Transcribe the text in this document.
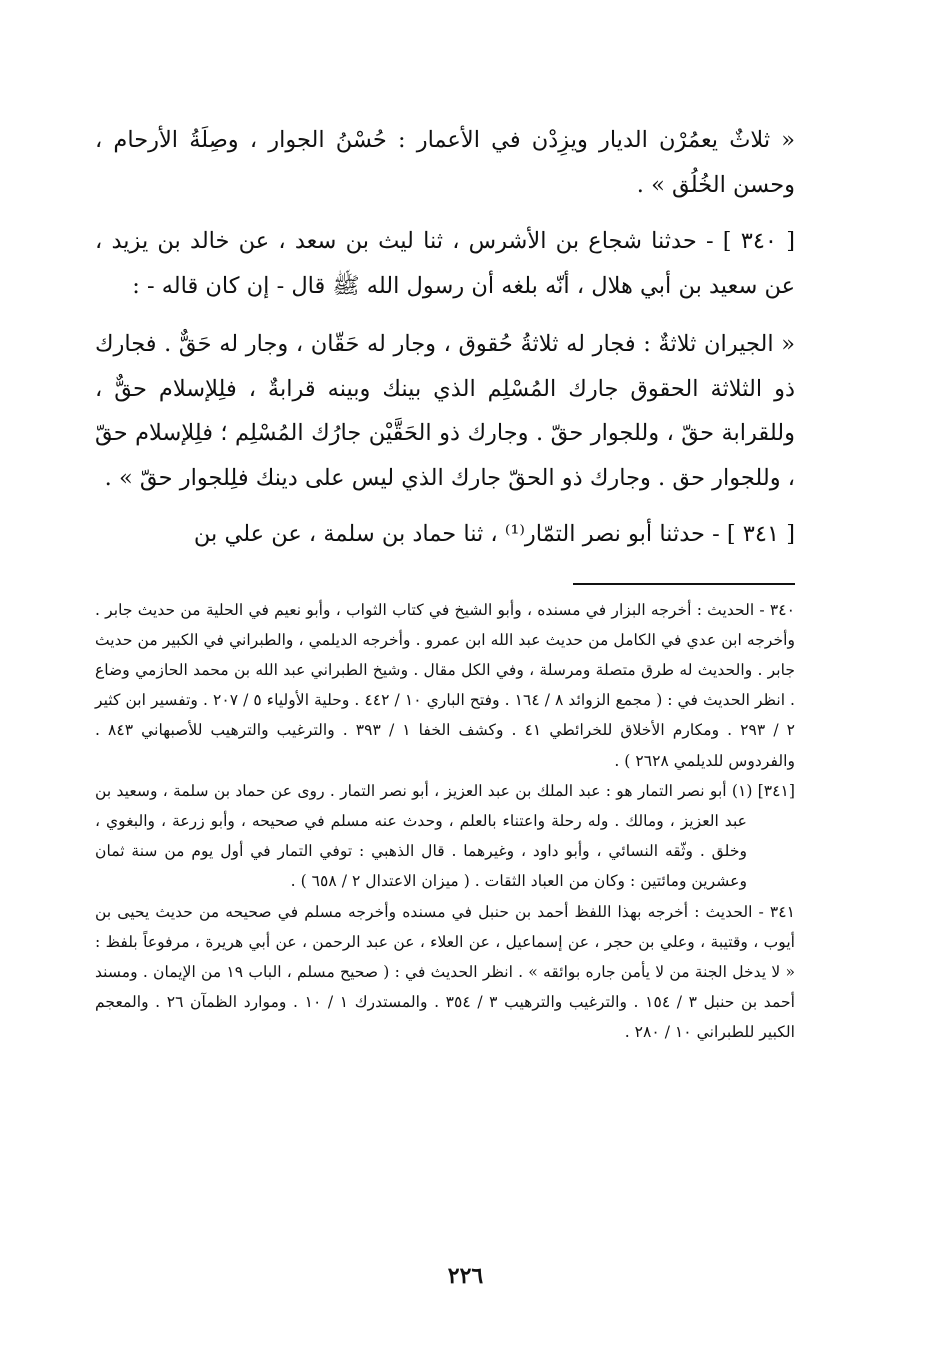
« ثلاثٌ يعمُرْن الديار ويزِدْن في الأعمار : حُسْنُ الجوار ، وصِلَةُ الأرحام ، وحسن الخُلُق » .

[ ٣٤٠ ] - حدثنا شجاع بن الأشرس ، ثنا ليث بن سعد ، عن خالد بن يزيد ، عن سعيد بن أبي هلال ، أنّه بلغه أن رسول الله ﷺ قال - إن كان قاله - :

« الجيران ثلاثةٌ : فجار له ثلاثةُ حُقوق ، وجار له حَقّان ، وجار له حَقٌّ . فجارك ذو الثلاثة الحقوق جارك المُسْلِم الذي بينك وبينه قرابةٌ ، فلِلإسلام حقٌّ ، وللقرابة حقّ ، وللجوار حقّ . وجارك ذو الحَقَّيْن جارُك المُسْلِم ؛ فلِلإسلام حقّ ، وللجوار حق . وجارك ذو الحقّ جارك الذي ليس على دينك فلِلجوار حقّ » .

[ ٣٤١ ] - حدثنا أبو نصر التمّار⁽¹⁾ ، ثنا حماد بن سلمة ، عن علي بن

٣٤٠ - الحديث : أخرجه البزار في مسنده ، وأبو الشيخ في كتاب الثواب ، وأبو نعيم في الحلية من حديث جابر . وأخرجه ابن عدي في الكامل من حديث عبد الله ابن عمرو . وأخرجه الديلمي ، والطبراني في الكبير من حديث جابر . والحديث له طرق متصلة ومرسلة ، وفي الكل مقال . وشيخ الطبراني عبد الله بن محمد الحازمي وضاع . انظر الحديث في : ( مجمع الزوائد ٨ / ١٦٤ . وفتح الباري ١٠ / ٤٤٢ . وحلية الأولياء ٥ / ٢٠٧ . وتفسير ابن كثير ٢ / ٢٩٣ . ومكارم الأخلاق للخرائطي ٤١ . وكشف الخفا ١ / ٣٩٣ . والترغيب والترهيب للأصبهاني ٨٤٣ . والفردوس للديلمي ٢٦٢٨ ) .

[٣٤١] (١) أبو نصر التمار هو : عبد الملك بن عبد العزيز ، أبو نصر التمار . روى عن حماد بن سلمة ، وسعيد بن عبد العزيز ، ومالك . وله رحلة واعتناء بالعلم ، وحدث عنه مسلم في صحيحه ، وأبو زرعة ، والبغوي ، وخلق . وثّقه النسائي ، وأبو داود ، وغيرهما . قال الذهبي : توفي التمار في أول يوم من سنة ثمان وعشرين ومائتين : وكان من العباد الثقات . ( ميزان الاعتدال ٢ / ٦٥٨ ) .

٣٤١ - الحديث : أخرجه بهذا اللفظ أحمد بن حنبل في مسنده وأخرجه مسلم في صحيحه من حديث يحيى بن أيوب ، وقتيبة ، وعلي بن حجر ، عن إسماعيل ، عن العلاء ، عن عبد الرحمن ، عن أبي هريرة ، مرفوعاً بلفظ : « لا يدخل الجنة من لا يأمن جاره بوائقه » . انظر الحديث في : ( صحيح مسلم ، الباب ١٩ من الإيمان . ومسند أحمد بن حنبل ٣ / ١٥٤ . والترغيب والترهيب ٣ / ٣٥٤ . والمستدرك ١ / ١٠ . وموارد الظمآن ٢٦ . والمعجم الكبير للطبراني ١٠ / ٢٨٠ .

٢٢٦
